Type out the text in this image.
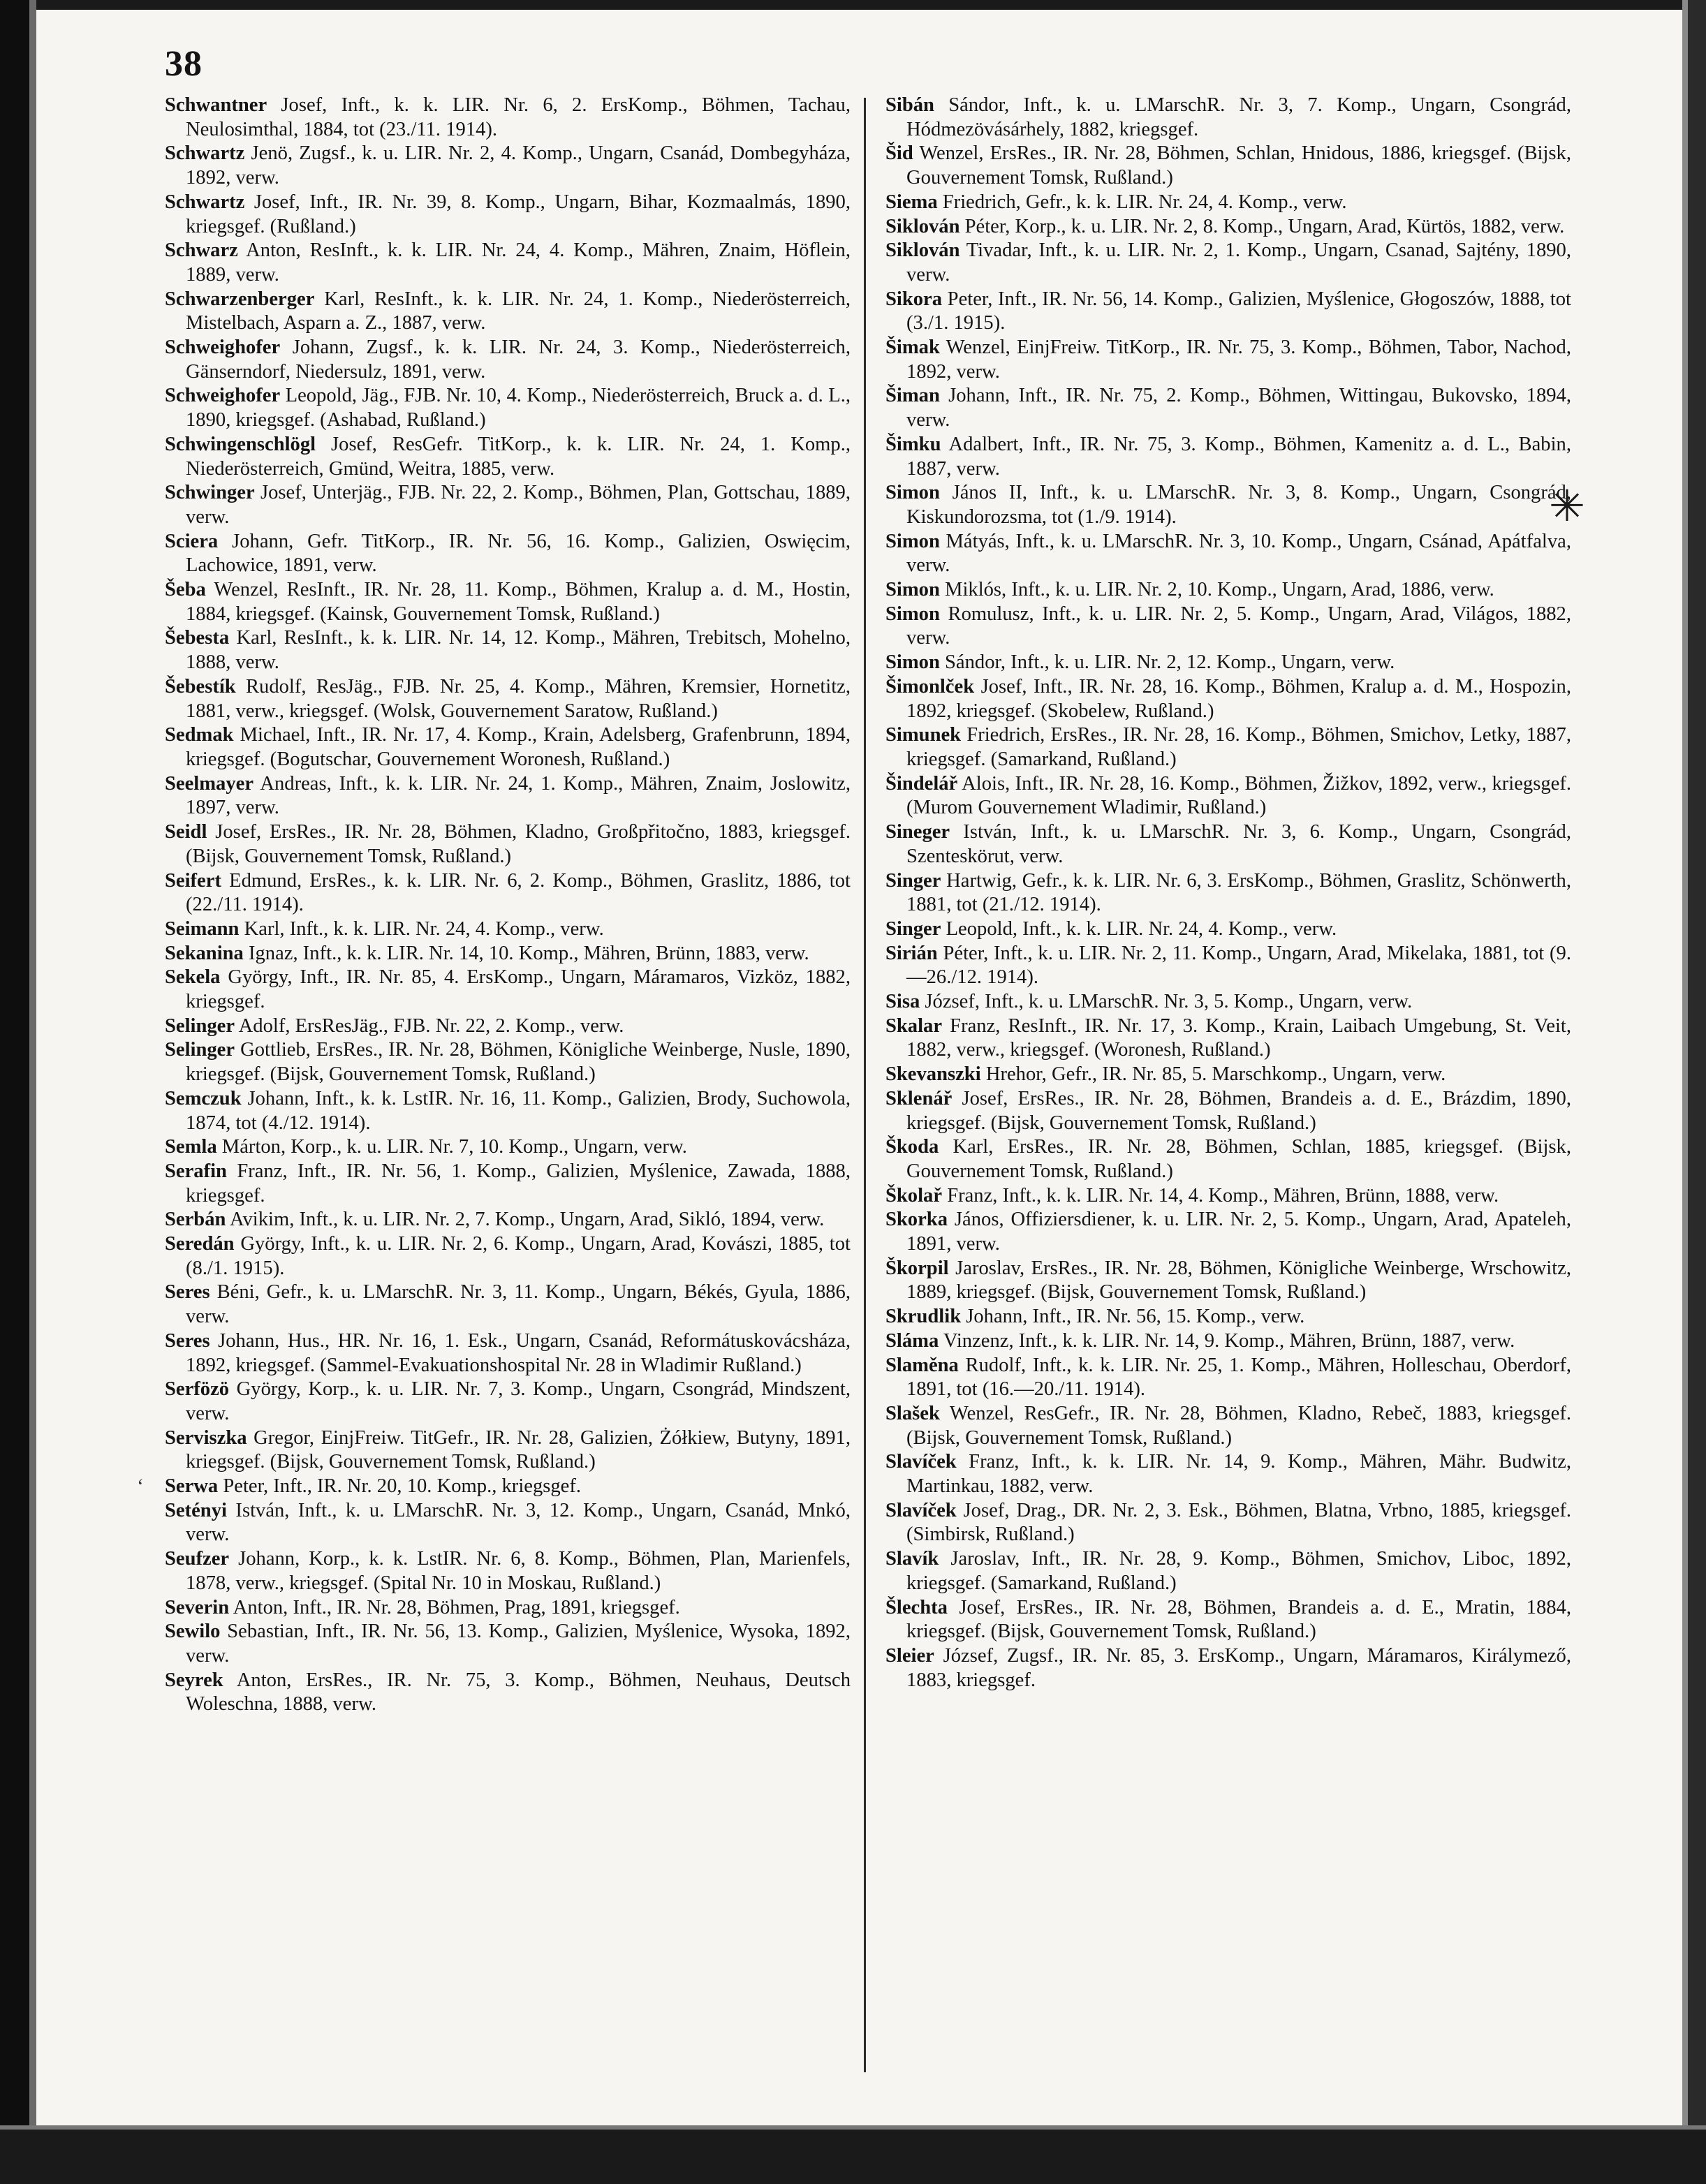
38
Schwantner Josef, Inft., k. k. LIR. Nr. 6, 2. ErsKomp., Böhmen, Tachau, Neulosimthal, 1884, tot (23./11. 1914).
Schwartz Jenö, Zugsf., k. u. LIR. Nr. 2, 4. Komp., Ungarn, Csanád, Dombegyháza, 1892, verw.
Schwartz Josef, Inft., IR. Nr. 39, 8. Komp., Ungarn, Bihar, Kozmaalmás, 1890, kriegsgef. (Rußland.)
Schwarz Anton, ResInft., k. k. LIR. Nr. 24, 4. Komp., Mähren, Znaim, Höflein, 1889, verw.
Schwarzenberger Karl, ResInft., k. k. LIR. Nr. 24, 1. Komp., Niederösterreich, Mistelbach, Asparn a. Z., 1887, verw.
Schweighofer Johann, Zugsf., k. k. LIR. Nr. 24, 3. Komp., Niederösterreich, Gänserndorf, Niedersulz, 1891, verw.
Schweighofer Leopold, Jäg., FJB. Nr. 10, 4. Komp., Niederösterreich, Bruck a. d. L., 1890, kriegsgef. (Ashabad, Rußland.)
Schwingenschlögl Josef, ResGefr. TitKorp., k. k. LIR. Nr. 24, 1. Komp., Niederösterreich, Gmünd, Weitra, 1885, verw.
Schwinger Josef, Unterjäg., FJB. Nr. 22, 2. Komp., Böhmen, Plan, Gottschau, 1889, verw.
Sciera Johann, Gefr. TitKorp., IR. Nr. 56, 16. Komp., Galizien, Oswięcim, Lachowice, 1891, verw.
Šeba Wenzel, ResInft., IR. Nr. 28, 11. Komp., Böhmen, Kralup a. d. M., Hostin, 1884, kriegsgef. (Kainsk, Gouvernement Tomsk, Rußland.)
Šebesta Karl, ResInft., k. k. LIR. Nr. 14, 12. Komp., Mähren, Trebitsch, Mohelno, 1888, verw.
Šebestík Rudolf, ResJäg., FJB. Nr. 25, 4. Komp., Mähren, Kremsier, Hornetitz, 1881, verw., kriegsgef. (Wolsk, Gouvernement Saratow, Rußland.)
Sedmak Michael, Inft., IR. Nr. 17, 4. Komp., Krain, Adelsberg, Grafenbrunn, 1894, kriegsgef. (Bogutschar, Gouvernement Woronesh, Rußland.)
Seelmayer Andreas, Inft., k. k. LIR. Nr. 24, 1. Komp., Mähren, Znaim, Joslowitz, 1897, verw.
Seidl Josef, ErsRes., IR. Nr. 28, Böhmen, Kladno, Großpřitočno, 1883, kriegsgef. (Bijsk, Gouvernement Tomsk, Rußland.)
Seifert Edmund, ErsRes., k. k. LIR. Nr. 6, 2. Komp., Böhmen, Graslitz, 1886, tot (22./11. 1914).
Seimann Karl, Inft., k. k. LIR. Nr. 24, 4. Komp., verw.
Sekanina Ignaz, Inft., k. k. LIR. Nr. 14, 10. Komp., Mähren, Brünn, 1883, verw.
Sekela György, Inft., IR. Nr. 85, 4. ErsKomp., Ungarn, Máramaros, Vizköz, 1882, kriegsgef.
Selinger Adolf, ErsResJäg., FJB. Nr. 22, 2. Komp., verw.
Selinger Gottlieb, ErsRes., IR. Nr. 28, Böhmen, Königliche Weinberge, Nusle, 1890, kriegsgef. (Bijsk, Gouvernement Tomsk, Rußland.)
Semczuk Johann, Inft., k. k. LstIR. Nr. 16, 11. Komp., Galizien, Brody, Suchowola, 1874, tot (4./12. 1914).
Semla Márton, Korp., k. u. LIR. Nr. 7, 10. Komp., Ungarn, verw.
Serafin Franz, Inft., IR. Nr. 56, 1. Komp., Galizien, Myślenice, Zawada, 1888, kriegsgef.
Serbán Avikim, Inft., k. u. LIR. Nr. 2, 7. Komp., Ungarn, Arad, Sikló, 1894, verw.
Seredán György, Inft., k. u. LIR. Nr. 2, 6. Komp., Ungarn, Arad, Kovászi, 1885, tot (8./1. 1915).
Seres Béni, Gefr., k. u. LMarschR. Nr. 3, 11. Komp., Ungarn, Békés, Gyula, 1886, verw.
Seres Johann, Hus., HR. Nr. 16, 1. Esk., Ungarn, Csanád, Reformátuskovácsháza, 1892, kriegsgef. (Sammel-Evakuationshospital Nr. 28 in Wladimir Rußland.)
Serfözö György, Korp., k. u. LIR. Nr. 7, 3. Komp., Ungarn, Csongrád, Mindszent, verw.
Serviszka Gregor, EinjFreiw. TitGefr., IR. Nr. 28, Galizien, Żółkiew, Butyny, 1891, kriegsgef. (Bijsk, Gouvernement Tomsk, Rußland.)
Serwa Peter, Inft., IR. Nr. 20, 10. Komp., kriegsgef.
Setényi István, Inft., k. u. LMarschR. Nr. 3, 12. Komp., Ungarn, Csanád, Mnkó, verw.
Seufzer Johann, Korp., k. k. LstIR. Nr. 6, 8. Komp., Böhmen, Plan, Marienfels, 1878, verw., kriegsgef. (Spital Nr. 10 in Moskau, Rußland.)
Severin Anton, Inft., IR. Nr. 28, Böhmen, Prag, 1891, kriegsgef.
Sewilo Sebastian, Inft., IR. Nr. 56, 13. Komp., Galizien, Myślenice, Wysoka, 1892, verw.
Seyrek Anton, ErsRes., IR. Nr. 75, 3. Komp., Böhmen, Neuhaus, Deutsch Woleschna, 1888, verw.
Sibán Sándor, Inft., k. u. LMarschR. Nr. 3, 7. Komp., Ungarn, Csongrád, Hódmezövásárhely, 1882, kriegsgef.
Šid Wenzel, ErsRes., IR. Nr. 28, Böhmen, Schlan, Hnidous, 1886, kriegsgef. (Bijsk, Gouvernement Tomsk, Rußland.)
Siema Friedrich, Gefr., k. k. LIR. Nr. 24, 4. Komp., verw.
Siklován Péter, Korp., k. u. LIR. Nr. 2, 8. Komp., Ungarn, Arad, Kürtös, 1882, verw.
Siklován Tivadar, Inft., k. u. LIR. Nr. 2, 1. Komp., Ungarn, Csanad, Sajtény, 1890, verw.
Sikora Peter, Inft., IR. Nr. 56, 14. Komp., Galizien, Myślenice, Głogoszów, 1888, tot (3./1. 1915).
Šimak Wenzel, EinjFreiw. TitKorp., IR. Nr. 75, 3. Komp., Böhmen, Tabor, Nachod, 1892, verw.
Šiman Johann, Inft., IR. Nr. 75, 2. Komp., Böhmen, Wittingau, Bukovsko, 1894, verw.
Šimku Adalbert, Inft., IR. Nr. 75, 3. Komp., Böhmen, Kamenitz a. d. L., Babin, 1887, verw.
Simon János II, Inft., k. u. LMarschR. Nr. 3, 8. Komp., Ungarn, Csongrád, Kiskundorozsma, tot (1./9. 1914).
Simon Mátyás, Inft., k. u. LMarschR. Nr. 3, 10. Komp., Ungarn, Csánad, Apátfalva, verw.
Simon Miklós, Inft., k. u. LIR. Nr. 2, 10. Komp., Ungarn, Arad, 1886, verw.
Simon Romulusz, Inft., k. u. LIR. Nr. 2, 5. Komp., Ungarn, Arad, Világos, 1882, verw.
Simon Sándor, Inft., k. u. LIR. Nr. 2, 12. Komp., Ungarn, verw.
Šimonlček Josef, Inft., IR. Nr. 28, 16. Komp., Böhmen, Kralup a. d. M., Hospozin, 1892, kriegsgef. (Skobelew, Rußland.)
Simunek Friedrich, ErsRes., IR. Nr. 28, 16. Komp., Böhmen, Smichov, Letky, 1887, kriegsgef. (Samarkand, Rußland.)
Šindelář Alois, Inft., IR. Nr. 28, 16. Komp., Böhmen, Žižkov, 1892, verw., kriegsgef. (Murom Gouvernement Wladimir, Rußland.)
Sineger István, Inft., k. u. LMarschR. Nr. 3, 6. Komp., Ungarn, Csongrád, Szenteskörut, verw.
Singer Hartwig, Gefr., k. k. LIR. Nr. 6, 3. ErsKomp., Böhmen, Graslitz, Schönwerth, 1881, tot (21./12. 1914).
Singer Leopold, Inft., k. k. LIR. Nr. 24, 4. Komp., verw.
Sirián Péter, Inft., k. u. LIR. Nr. 2, 11. Komp., Ungarn, Arad, Mikelaka, 1881, tot (9.—26./12. 1914).
Sisa József, Inft., k. u. LMarschR. Nr. 3, 5. Komp., Ungarn, verw.
Skalar Franz, ResInft., IR. Nr. 17, 3. Komp., Krain, Laibach Umgebung, St. Veit, 1882, verw., kriegsgef. (Woronesh, Rußland.)
Skevanszki Hrehor, Gefr., IR. Nr. 85, 5. Marschkomp., Ungarn, verw.
Sklenář Josef, ErsRes., IR. Nr. 28, Böhmen, Brandeis a. d. E., Brázdim, 1890, kriegsgef. (Bijsk, Gouvernement Tomsk, Rußland.)
Škoda Karl, ErsRes., IR. Nr. 28, Böhmen, Schlan, 1885, kriegsgef. (Bijsk, Gouvernement Tomsk, Rußland.)
Školař Franz, Inft., k. k. LIR. Nr. 14, 4. Komp., Mähren, Brünn, 1888, verw.
Skorka János, Offiziersdiener, k. u. LIR. Nr. 2, 5. Komp., Ungarn, Arad, Apateleh, 1891, verw.
Škorpil Jaroslav, ErsRes., IR. Nr. 28, Böhmen, Königliche Weinberge, Wrschowitz, 1889, kriegsgef. (Bijsk, Gouvernement Tomsk, Rußland.)
Skrudlik Johann, Inft., IR. Nr. 56, 15. Komp., verw.
Sláma Vinzenz, Inft., k. k. LIR. Nr. 14, 9. Komp., Mähren, Brünn, 1887, verw.
Slaměna Rudolf, Inft., k. k. LIR. Nr. 25, 1. Komp., Mähren, Holleschau, Oberdorf, 1891, tot (16.—20./11. 1914).
Slašek Wenzel, ResGefr., IR. Nr. 28, Böhmen, Kladno, Rebeč, 1883, kriegsgef. (Bijsk, Gouvernement Tomsk, Rußland.)
Slavíček Franz, Inft., k. k. LIR. Nr. 14, 9. Komp., Mähren, Mähr. Budwitz, Martinkau, 1882, verw.
Slavíček Josef, Drag., DR. Nr. 2, 3. Esk., Böhmen, Blatna, Vrbno, 1885, kriegsgef. (Simbirsk, Rußland.)
Slavík Jaroslav, Inft., IR. Nr. 28, 9. Komp., Böhmen, Smichov, Liboc, 1892, kriegsgef. (Samarkand, Rußland.)
Šlechta Josef, ErsRes., IR. Nr. 28, Böhmen, Brandeis a. d. E., Mratin, 1884, kriegsgef. (Bijsk, Gouvernement Tomsk, Rußland.)
Sleier József, Zugsf., IR. Nr. 85, 3. ErsKomp., Ungarn, Máramaros, Királymező, 1883, kriegsgef.
✳
ʻ
